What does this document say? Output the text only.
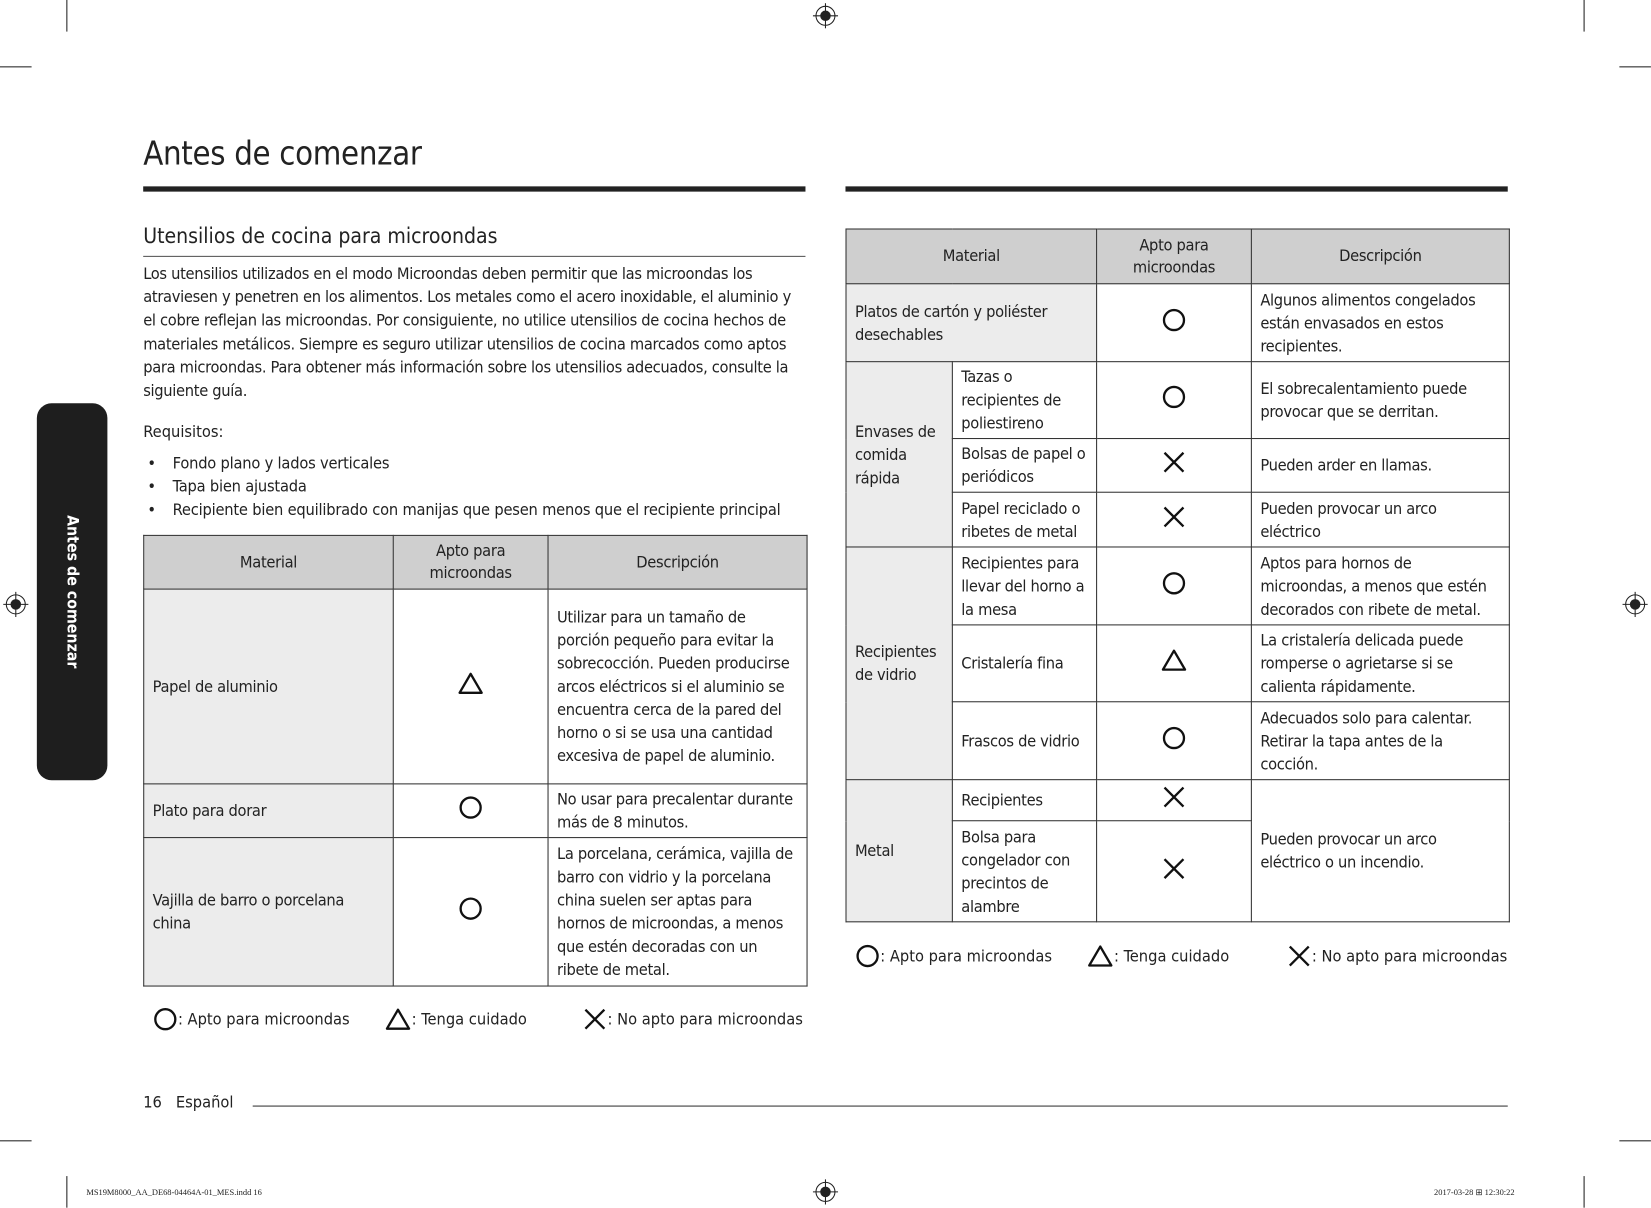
Antes de comenzar
Antes de comenzar
Utensilios de cocina para microondas
Los utensilios utilizados en el modo Microondas deben permitir que las microondas los atraviesen y penetren en los alimentos. Los metales como el acero inoxidable, el aluminio y el cobre reflejan las microondas. Por consiguiente, no utilice utensilios de cocina hechos de materiales metálicos. Siempre es seguro utilizar utensilios de cocina marcados como aptos para microondas. Para obtener más información sobre los utensilios adecuados, consulte la siguiente guía.
Requisitos:
• Fondo plano y lados verticales
• Tapa bien ajustada
• Recipiente bien equilibrado con manijas que pesen menos que el recipiente principal
Material	Apto para microondas	Descripción
Papel de aluminio		Utilizar para un tamaño de porción pequeño para evitar la sobrecocción. Pueden producirse arcos eléctricos si el aluminio se encuentra cerca de la pared del horno o si se usa una cantidad excesiva de papel de aluminio.
Plato para dorar		No usar para precalentar durante más de 8 minutos.
Vajilla de barro o porcelana china		La porcelana, cerámica, vajilla de barro con vidrio y la porcelana china suelen ser aptas para hornos de microondas, a menos que estén decoradas con un ribete de metal.
: Apto para microondas	: Tenga cuidado	: No apto para microondas
Material		Apto para microondas	Descripción
Platos de cartón y poliéster desechables			Algunos alimentos congelados están envasados en estos recipientes.
Envases de comida rápida	Tazas o recipientes de poliestireno		El sobrecalentamiento puede provocar que se derritan.
	Bolsas de papel o periódicos		Pueden arder en llamas.
	Papel reciclado o ribetes de metal		Pueden provocar un arco eléctrico
Recipientes de vidrio	Recipientes para llevar del horno a la mesa		Aptos para hornos de microondas, a menos que estén decorados con ribete de metal.
	Cristalería fina		La cristalería delicada puede romperse o agrietarse si se calienta rápidamente.
	Frascos de vidrio		Adecuados solo para calentar. Retirar la tapa antes de la cocción.
Metal	Recipientes		Pueden provocar un arco eléctrico o un incendio.
	Bolsa para congelador con precintos de alambre	
: Apto para microondas	: Tenga cuidado	: No apto para microondas
16 Español
MS19M8000_AA_DE68-04464A-01_MES.indd 16	2017-03-28 ⊞ 12:30:22
